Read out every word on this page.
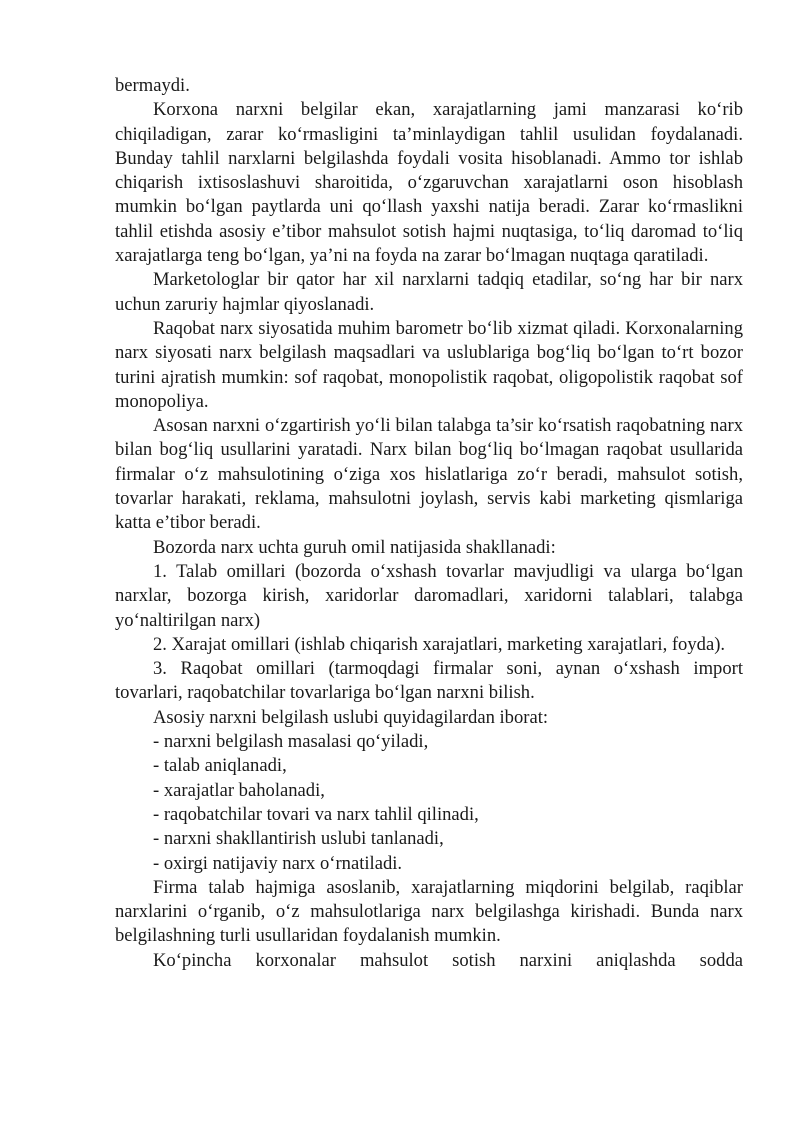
bermaydi.

Korxona narxni belgilar ekan, xarajatlarning jami manzarasi ko‘rib chiqiladigan, zarar ko‘rmasligini ta’minlaydigan tahlil usulidan foydalanadi. Bunday tahlil narxlarni belgilashda foydali vosita hisoblanadi. Ammo tor ishlab chiqarish ixtisoslashuvi sharoitida, o‘zgaruvchan xarajatlarni oson hisoblash mumkin bo‘lgan paytlarda uni qo‘llash yaxshi natija beradi. Zarar ko‘rmaslikni tahlil etishda asosiy e’tibor mahsulot sotish hajmi nuqtasiga, to‘liq daromad to‘liq xarajatlarga teng bo‘lgan, ya’ni na foyda na zarar bo‘lmagan nuqtaga qaratiladi.

Marketologlar bir qator har xil narxlarni tadqiq etadilar, so‘ng har bir narx uchun zaruriy hajmlar qiyoslanadi.

Raqobat narx siyosatida muhim barometr bo‘lib xizmat qiladi. Korxonalarning narx siyosati narx belgilash maqsadlari va uslublariga bog‘liq bo‘lgan to‘rt bozor turini ajratish mumkin: sof raqobat, monopolistik raqobat, oligopolistik raqobat sof monopoliya.

Asosan narxni o‘zgartirish yo‘li bilan talabga ta’sir ko‘rsatish raqobatning narx bilan bog‘liq usullarini yaratadi. Narx bilan bog‘liq bo‘lmagan raqobat usullarida firmalar o‘z mahsulotining o‘ziga xos hislatlariga zo‘r beradi, mahsulot sotish, tovarlar harakati, reklama, mahsulotni joylash, servis kabi marketing qismlariga katta e’tibor beradi.

Bozorda narx uchta guruh omil natijasida shakllanadi:

1. Talab omillari (bozorda o‘xshash tovarlar mavjudligi va ularga bo‘lgan narxlar, bozorga kirish, xaridorlar daromadlari, xaridorni talablari, talabga yo‘naltirilgan narx)

2. Xarajat omillari (ishlab chiqarish xarajatlari, marketing xarajatlari, foyda).

3. Raqobat omillari (tarmoqdagi firmalar soni, aynan o‘xshash import tovarlari, raqobatchilar tovarlariga bo‘lgan narxni bilish.

Asosiy narxni belgilash uslubi quyidagilardan iborat:

- narxni belgilash masalasi qo‘yiladi,

- talab aniqlanadi,

- xarajatlar baholanadi,

- raqobatchilar tovari va narx tahlil qilinadi,

- narxni shakllantirish uslubi tanlanadi,

- oxirgi natijaviy narx o‘rnatiladi.

Firma talab hajmiga asoslanib, xarajatlarning miqdorini belgilab, raqiblar narxlarini o‘rganib, o‘z mahsulotlariga narx belgilashga kirishadi. Bunda narx belgilashning turli usullaridan foydalanish mumkin.

Ko‘pincha korxonalar mahsulot sotish narxini aniqlashda sodda
